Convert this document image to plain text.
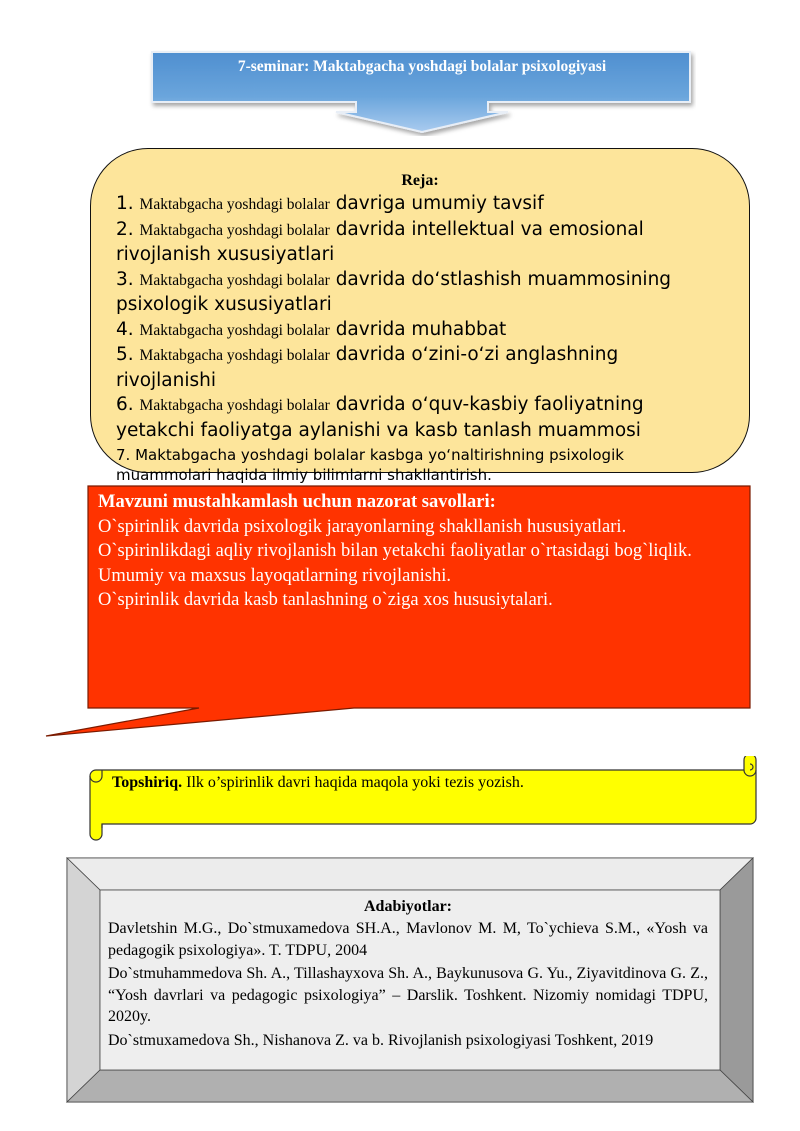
7-seminar: Maktabgacha yoshdagi bolalar psixologiyasi
Reja:
1. Maktabgacha yoshdagi bolalar davriga umumiy tavsif
2. Maktabgacha yoshdagi bolalar davrida intellektual va emosional rivojlanish xususiyatlari
3. Maktabgacha yoshdagi bolalar davrida do‘stlashish muammosining psixologik xususiyatlari
4. Maktabgacha yoshdagi bolalar davrida muhabbat
5. Maktabgacha yoshdagi bolalar davrida o‘zini-o‘zi anglashning rivojlanishi
6. Maktabgacha yoshdagi bolalar davrida o‘quv-kasbiy faoliyatning yetakchi faoliyatga aylanishi va kasb tanlash muammosi
7. Maktabgacha yoshdagi bolalar kasbga yo‘naltirishning psixologik muammolari haqida ilmiy bilimlarni shakllantirish.
Mavzuni mustahkamlash uchun nazorat savollari:
O`spirinlik davrida psixologik jarayonlarning shakllanish hususiyatlari.
O`spirinlikdagi aqliy rivojlanish bilan yetakchi faoliyatlar o`rtasidagi bog`liqlik.
Umumiy va maxsus layoqatlarning rivojlanishi.
O`spirinlik davrida kasb tanlashning o`ziga xos hususiytalari.
Topshiriq. Ilk o’spirinlik davri haqida maqola yoki tezis yozish.
Adabiyotlar:

Davletshin M.G., Do`stmuxamedova SH.A., Mavlonov M. M, To`ychieva S.M., «Yosh va pedagogik psixologiya». T. TDPU, 2004

Do`stmuhammedova Sh. A., Tillashayxova Sh. A., Baykunusova G. Yu., Ziyavitdinova G. Z., “Yosh davrlari va pedagogic psixologiya” – Darslik. Toshkent. Nizomiy nomidagi TDPU, 2020y.

Do`stmuxamedova Sh., Nishanova Z. va b. Rivojlanish psixologiyasi Toshkent, 2019
